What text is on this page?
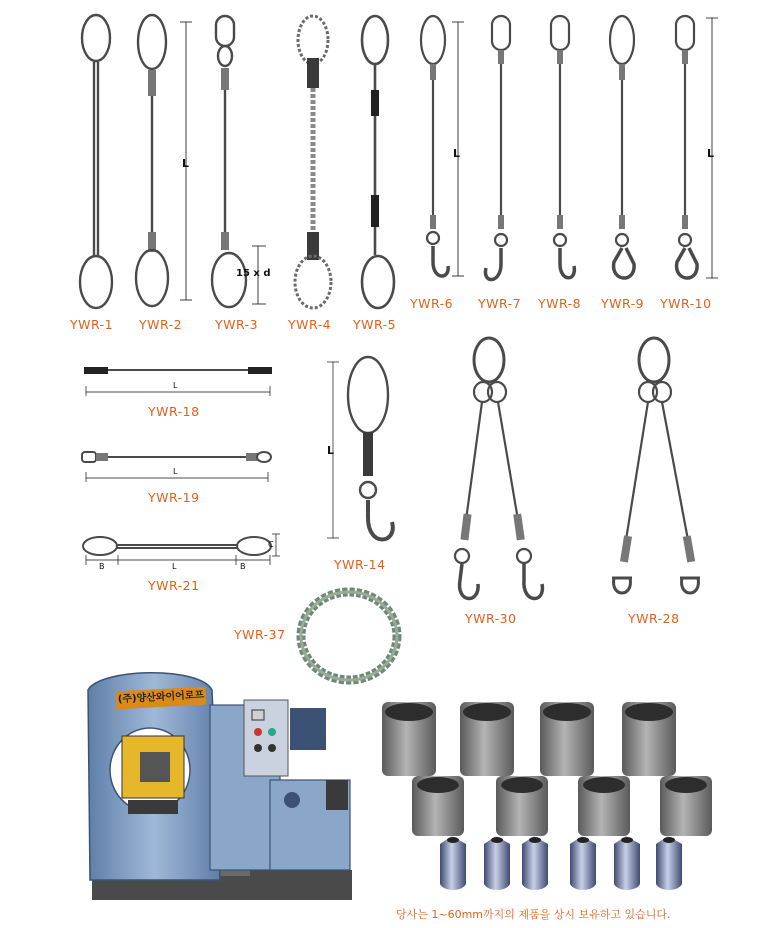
L
15 x d
L	L
L
L
B	L	B
C
L
YWR-1 YWR-2	YWR-3 YWR-4 YWR-5
YWR-6 YWR-7 YWR-8 YWR-9 YWR-10
YWR-18
YWR-19
YWR-21
YWR-14
YWR-30	YWR-28
YWR-37
(주)양산와이어로프
당사는 1~60mm까지의 제품을 상시 보유하고 있습니다.
